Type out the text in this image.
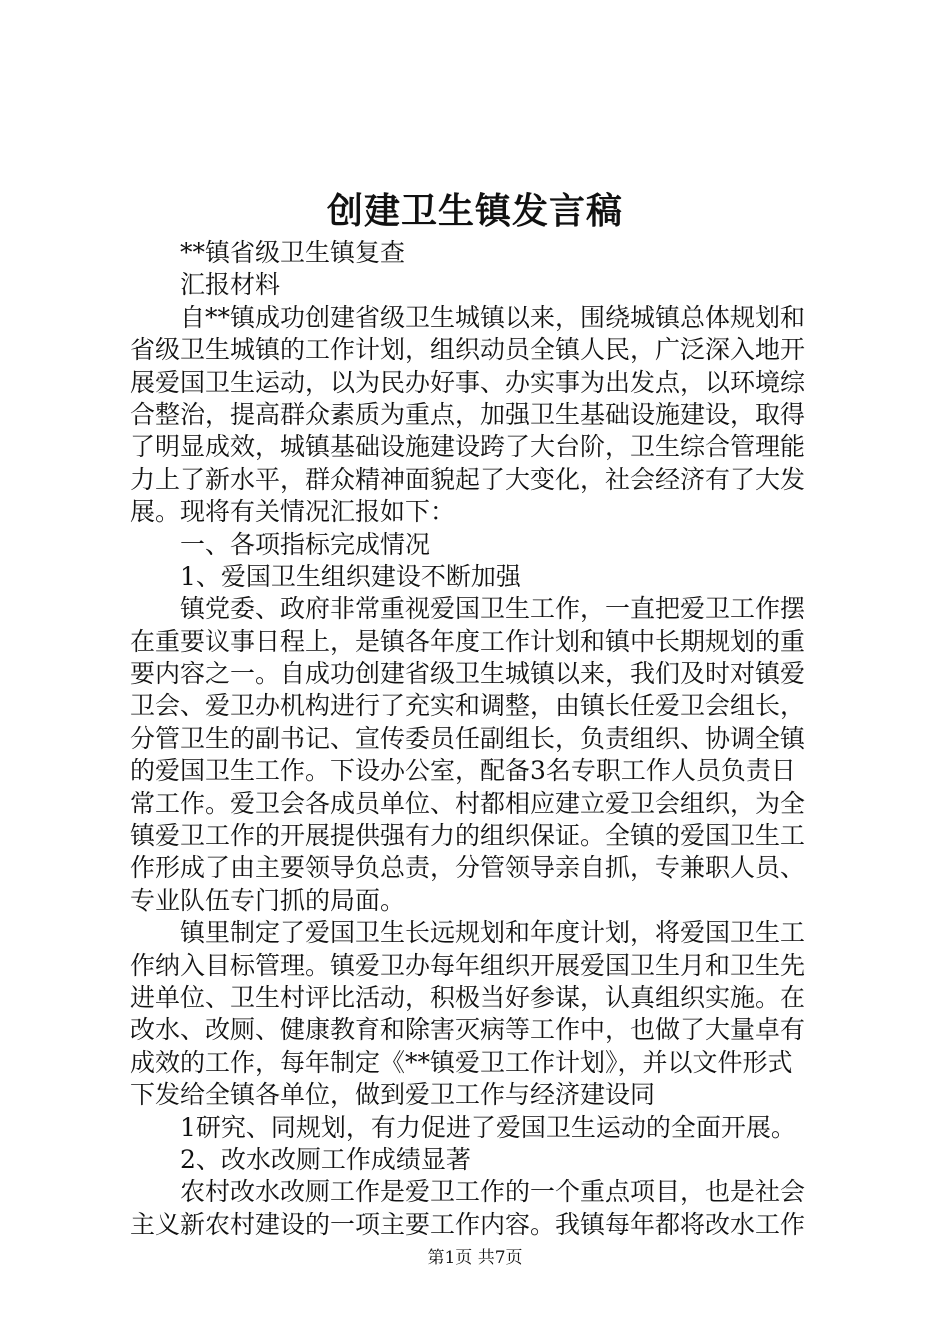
创建卫生镇发言稿

**镇省级卫生镇复查

汇报材料

自**镇成功创建省级卫生城镇以来，围绕城镇总体规划和

省级卫生城镇的工作计划，组织动员全镇人民，广泛深入地开

展爱国卫生运动，以为民办好事、办实事为出发点，以环境综

合整治，提高群众素质为重点，加强卫生基础设施建设，取得

了明显成效，城镇基础设施建设跨了大台阶，卫生综合管理能

力上了新水平，群众精神面貌起了大变化，社会经济有了大发

展。现将有关情况汇报如下：

一、各项指标完成情况

1、爱国卫生组织建设不断加强

镇党委、政府非常重视爱国卫生工作，一直把爱卫工作摆

在重要议事日程上，是镇各年度工作计划和镇中长期规划的重

要内容之一。自成功创建省级卫生城镇以来，我们及时对镇爱

卫会、爱卫办机构进行了充实和调整，由镇长任爱卫会组长，

分管卫生的副书记、宣传委员任副组长，负责组织、协调全镇

的爱国卫生工作。下设办公室，配备3名专职工作人员负责日

常工作。爱卫会各成员单位、村都相应建立爱卫会组织，为全

镇爱卫工作的开展提供强有力的组织保证。全镇的爱国卫生工

作形成了由主要领导负总责，分管领导亲自抓，专兼职人员、

专业队伍专门抓的局面。

镇里制定了爱国卫生长远规划和年度计划，将爱国卫生工

作纳入目标管理。镇爱卫办每年组织开展爱国卫生月和卫生先

进单位、卫生村评比活动，积极当好参谋，认真组织实施。在

改水、改厕、健康教育和除害灭病等工作中，也做了大量卓有

成效的工作，每年制定《**镇爱卫工作计划》，并以文件形式

下发给全镇各单位，做到爱卫工作与经济建设同

1研究、同规划，有力促进了爱国卫生运动的全面开展。

2、改水改厕工作成绩显著

农村改水改厕工作是爱卫工作的一个重点项目，也是社会

主义新农村建设的一项主要工作内容。我镇每年都将改水工作

第1页 共7页
